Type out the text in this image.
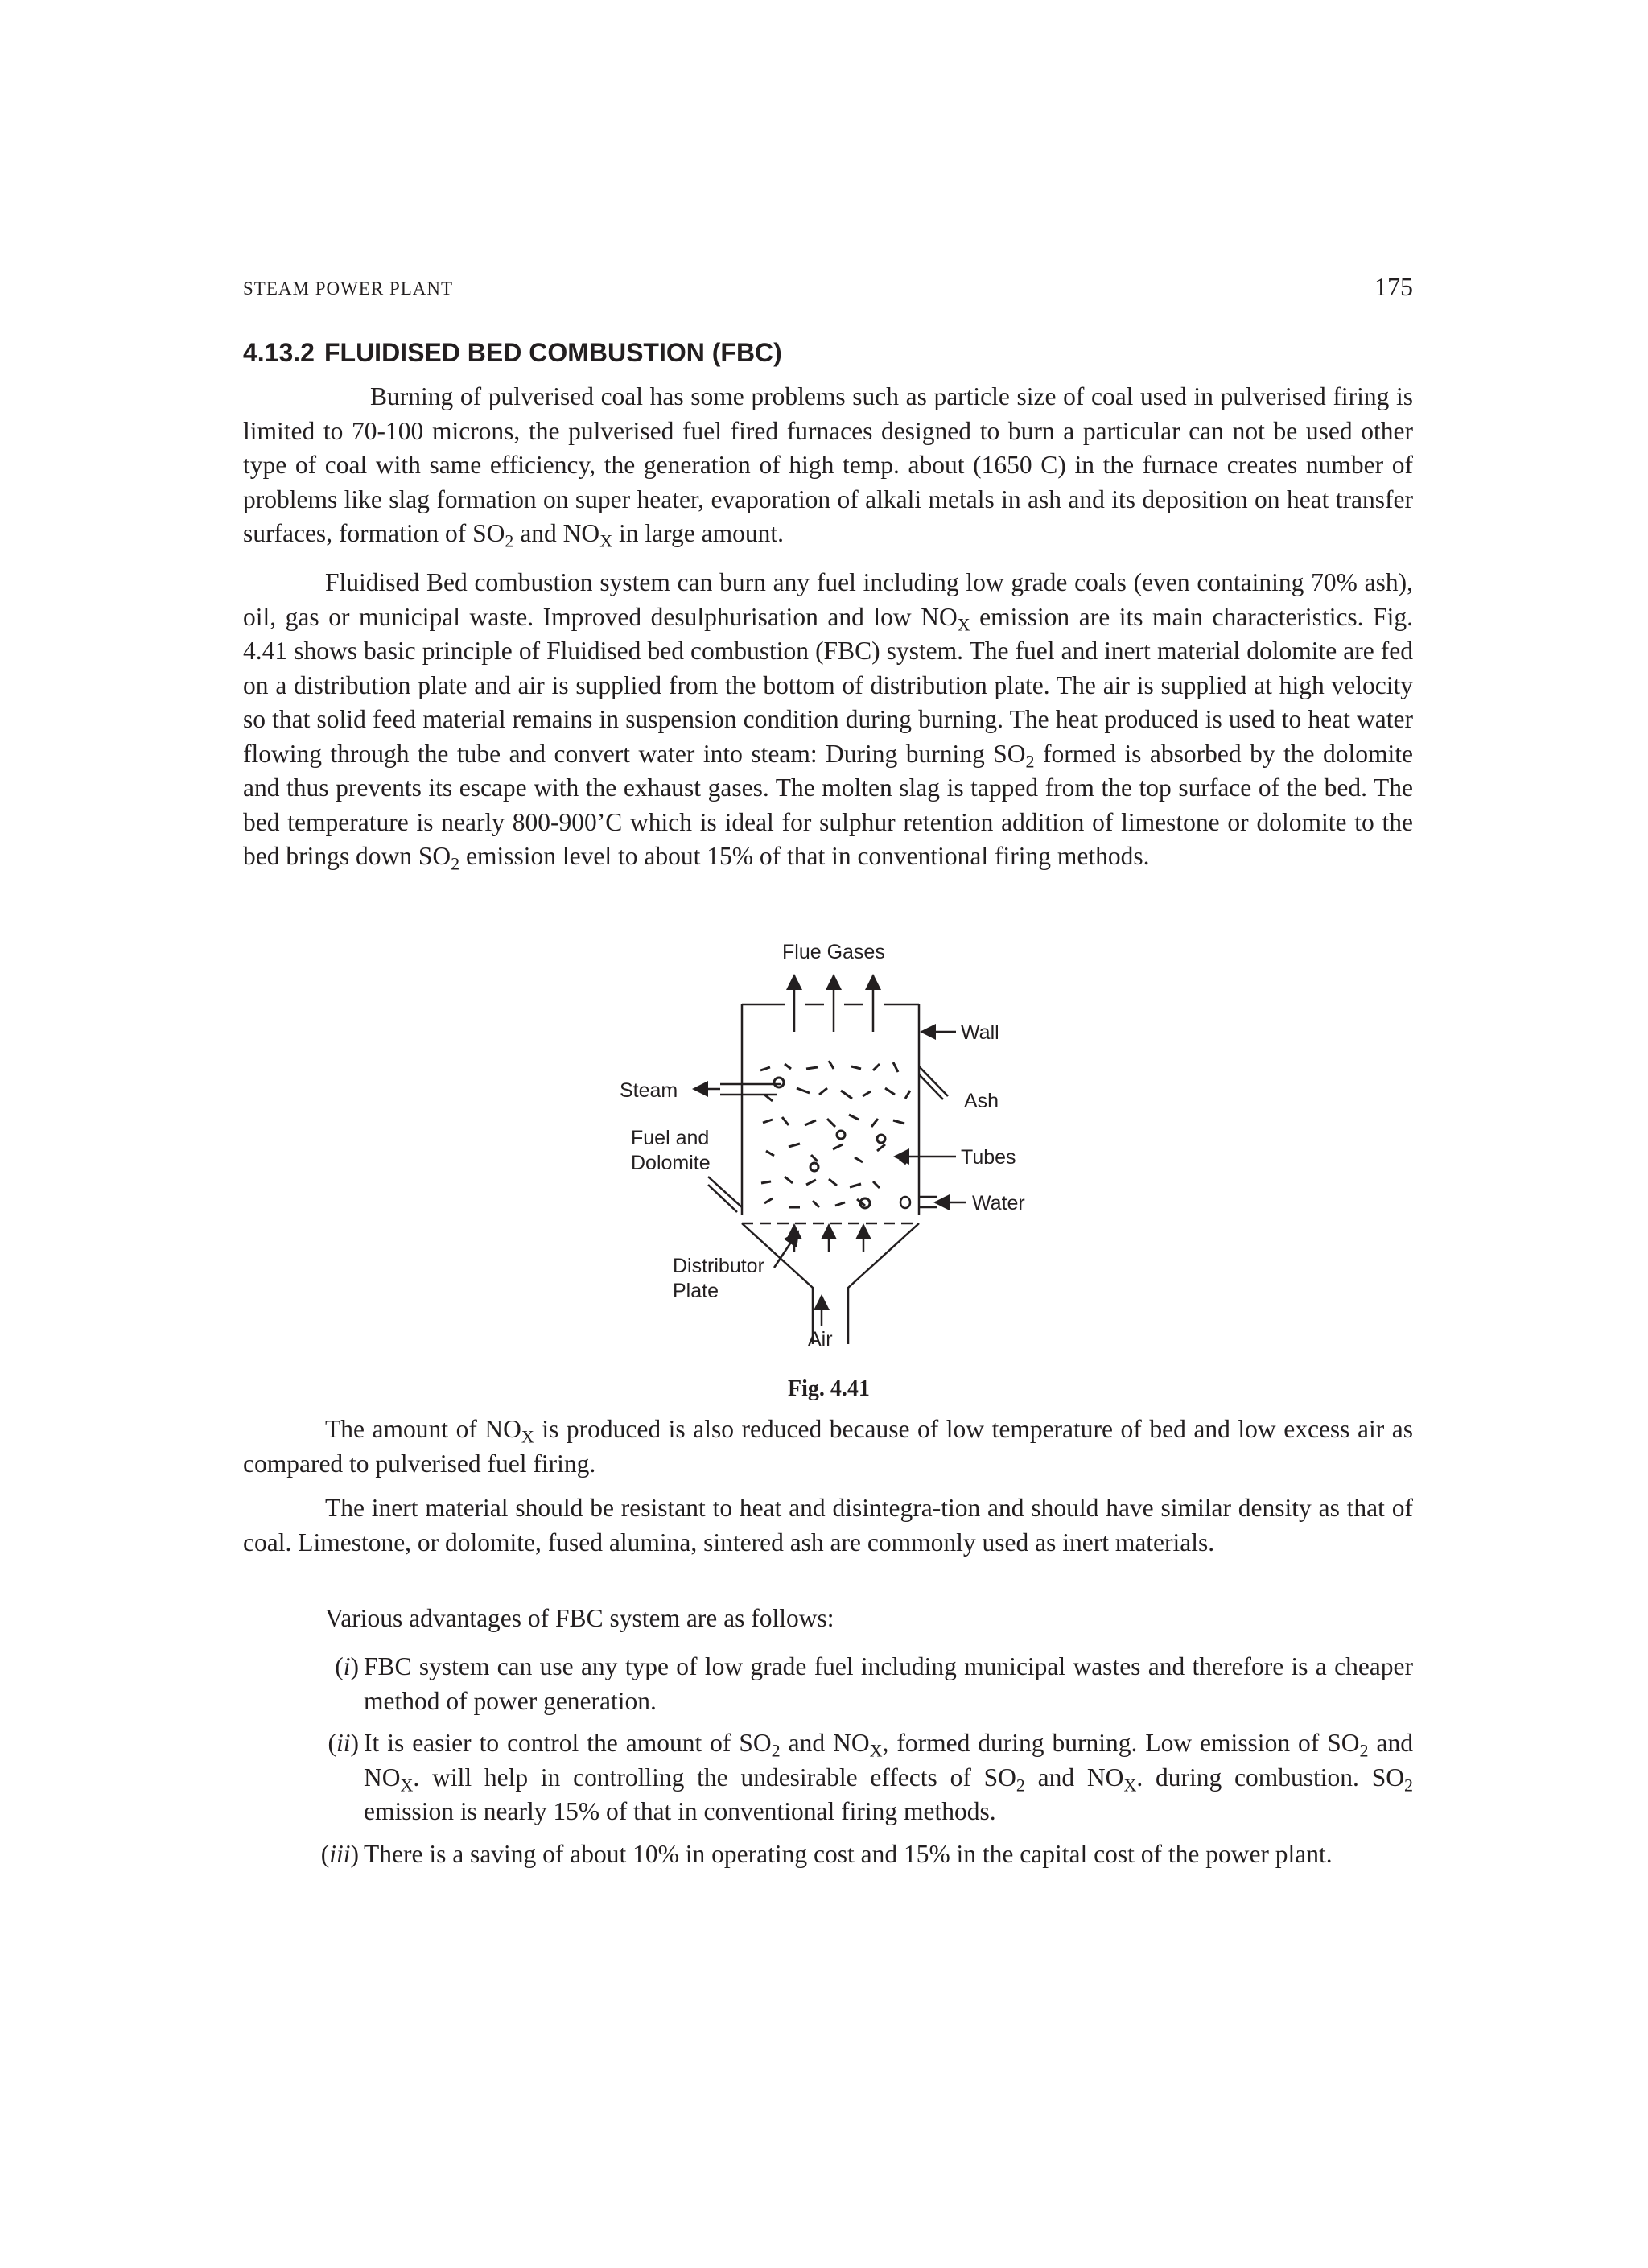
STEAM POWER PLANT	175
4.13.2 FLUIDISED BED COMBUSTION (FBC)

Burning of pulverised coal has some problems such as particle size of coal used in pulverised firing is limited to 70-100 microns, the pulverised fuel fired furnaces designed to burn a particular can not be used other type of coal with same efficiency, the generation of high temp. about (1650 C) in the furnace creates number of problems like slag formation on super heater, evaporation of alkali metals in ash and its deposition on heat transfer surfaces, formation of $SO_2$ and $NO_X$ in large amount.

Fluidised Bed combustion system can burn any fuel including low grade coals (even containing 70% ash), oil, gas or municipal waste. Improved desulphurisation and low $NO_X$ emission are its main characteristics. Fig. 4.41 shows basic principle of Fluidised bed combustion (FBC) system. The fuel and inert material dolomite are fed on a distribution plate and air is supplied from the bottom of distribution plate. The air is supplied at high velocity so that solid feed material remains in suspension condition during burning. The heat produced is used to heat water flowing through the tube and convert water into steam: During burning $SO_2$ formed is absorbed by the dolomite and thus prevents its escape with the exhaust gases. The molten slag is tapped from the top surface of the bed. The bed temperature is nearly 800-900’C which is ideal for sulphur retention addition of limestone or dolomite to the bed brings down $SO_2$ emission level to about 15% of that in conventional firing methods.

Flue Gases
Wall
Steam	Ash
Fuel and
Dolomite	Tubes
Water
Distributor
Plate
Air
Fig. 4.41

The amount of $NO_X$ is produced is also reduced because of low temperature of bed and low excess air as compared to pulverised fuel firing.

The inert material should be resistant to heat and disintegra-tion and should have similar density as that of coal. Limestone, or dolomite, fused alumina, sintered ash are commonly used as inert materials.

Various advantages of FBC system are as follows:

(i) FBC system can use any type of low grade fuel including municipal wastes and therefore is a cheaper method of power generation.
(ii) It is easier to control the amount of $SO_2$ and $NO_X$, formed during burning. Low emission of $SO_2$ and $NO_X$. will help in controlling the undesirable effects of $SO_2$ and $NO_X$. during combustion. $SO_2$ emission is nearly 15% of that in conventional firing methods.
(iii) There is a saving of about 10% in operating cost and 15% in the capital cost of the power plant.
